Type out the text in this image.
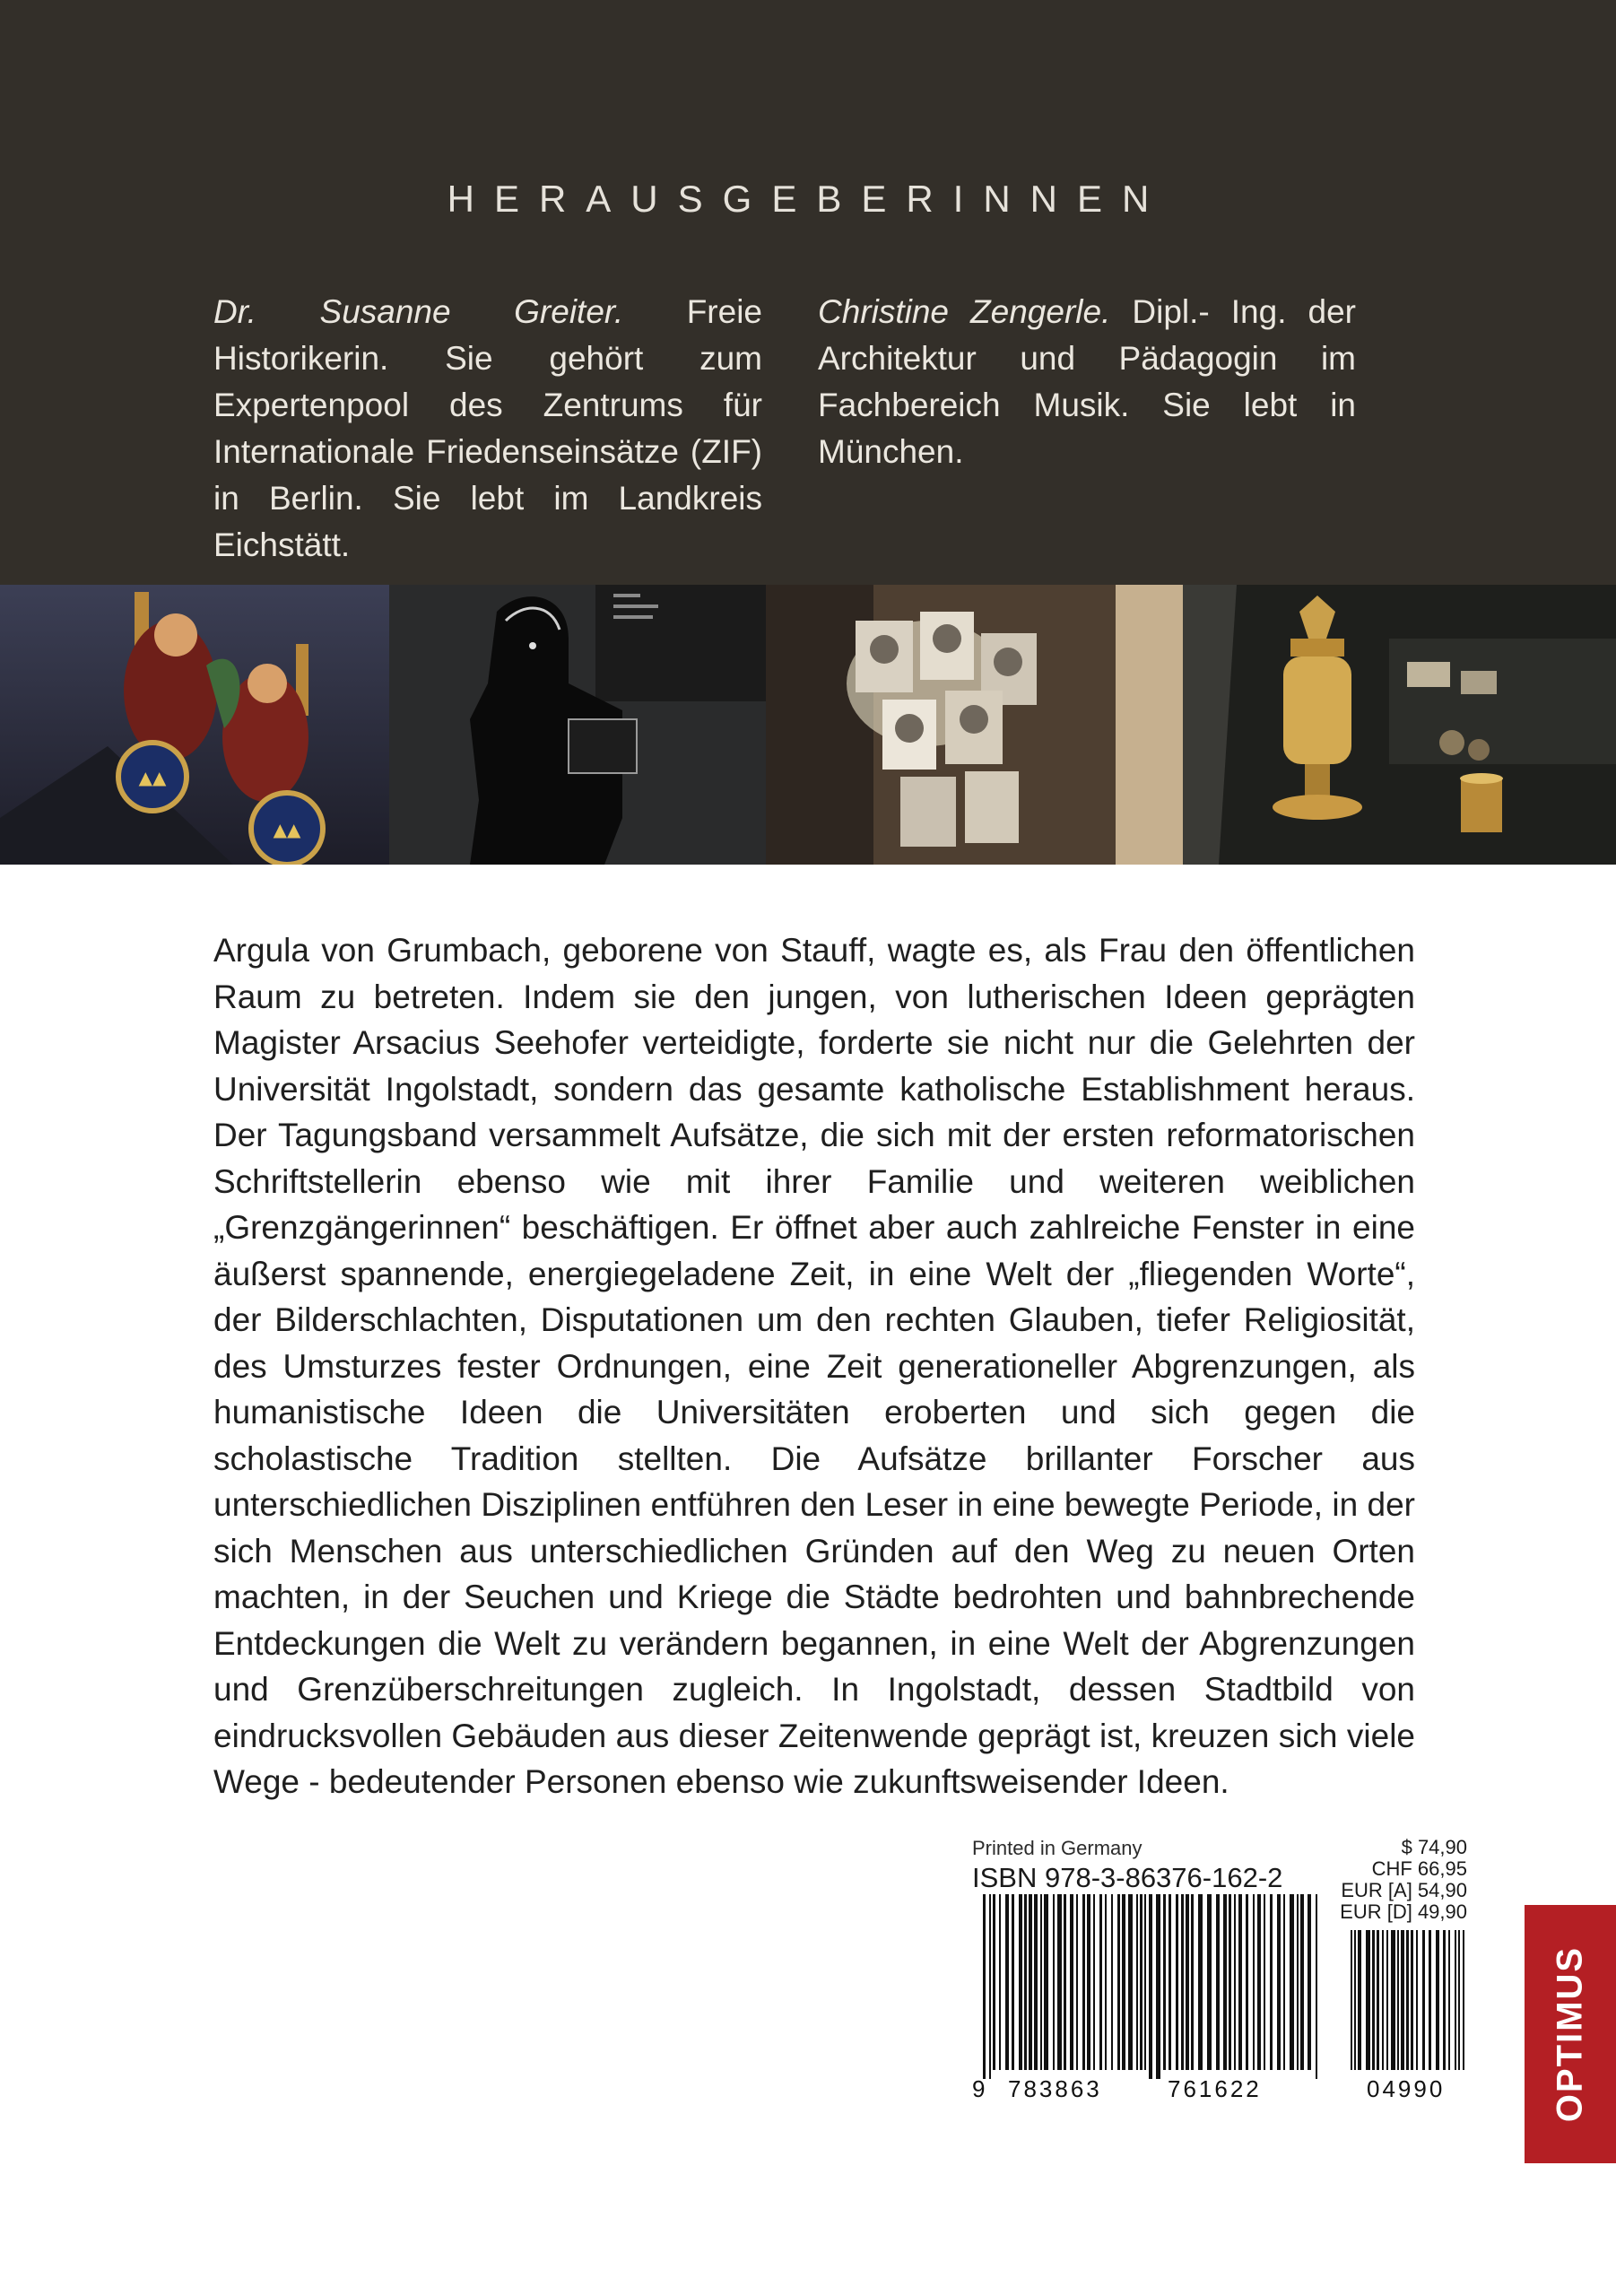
HERAUSGEBERINNEN
Dr. Susanne Greiter. Freie Historikerin. Sie gehört zum Expertenpool des Zentrums für Internationale Friedenseinsätze (ZIF) in Berlin. Sie lebt im Landkreis Eichstätt.
Christine Zengerle. Dipl.- Ing. der Architektur und Pädagogin im Fachbereich Musik. Sie lebt in München.
▲▲
▲▲

Argula von Grumbach, geborene von Stauff, wagte es, als Frau den öffentlichen Raum zu betreten. Indem sie den jungen, von lutherischen Ideen geprägten Magister Arsacius Seehofer verteidigte, forderte sie nicht nur die Gelehrten der Universität Ingolstadt, sondern das gesamte katholische Establishment heraus. Der Tagungsband versammelt Aufsätze, die sich mit der ersten reformatorischen Schriftstellerin ebenso wie mit ihrer Familie und weiteren weiblichen „Grenzgängerinnen“ beschäftigen. Er öffnet aber auch zahlreiche Fenster in eine äußerst spannende, energiegeladene Zeit, in eine Welt der „fliegenden Worte“, der Bilderschlachten, Disputationen um den rechten Glauben, tiefer Religiosität, des Umsturzes fester Ordnungen, eine Zeit generationeller Abgrenzungen, als humanistische Ideen die Universitäten eroberten und sich gegen die scholastische Tradition stellten. Die Aufsätze brillanter Forscher aus unterschiedlichen Disziplinen entführen den Leser in eine bewegte Periode, in der sich Menschen aus unterschiedlichen Gründen auf den Weg zu neuen Orten machten, in der Seuchen und Kriege die Städte bedrohten und bahnbrechende Entdeckungen die Welt zu verändern begannen, in eine Welt der Abgrenzungen und Grenzüberschreitungen zugleich. In Ingolstadt, dessen Stadtbild von eindrucksvollen Gebäuden aus dieser Zeitenwende geprägt ist, kreuzen sich viele Wege - bedeutender Personen ebenso wie zukunftsweisender Ideen.

Printed in Germany
ISBN 978-3-86376-162-2
$ 74,90
CHF 66,95
EUR [A] 54,90
EUR [D] 49,90
OPTIMUS
9 783863	761622	04990
